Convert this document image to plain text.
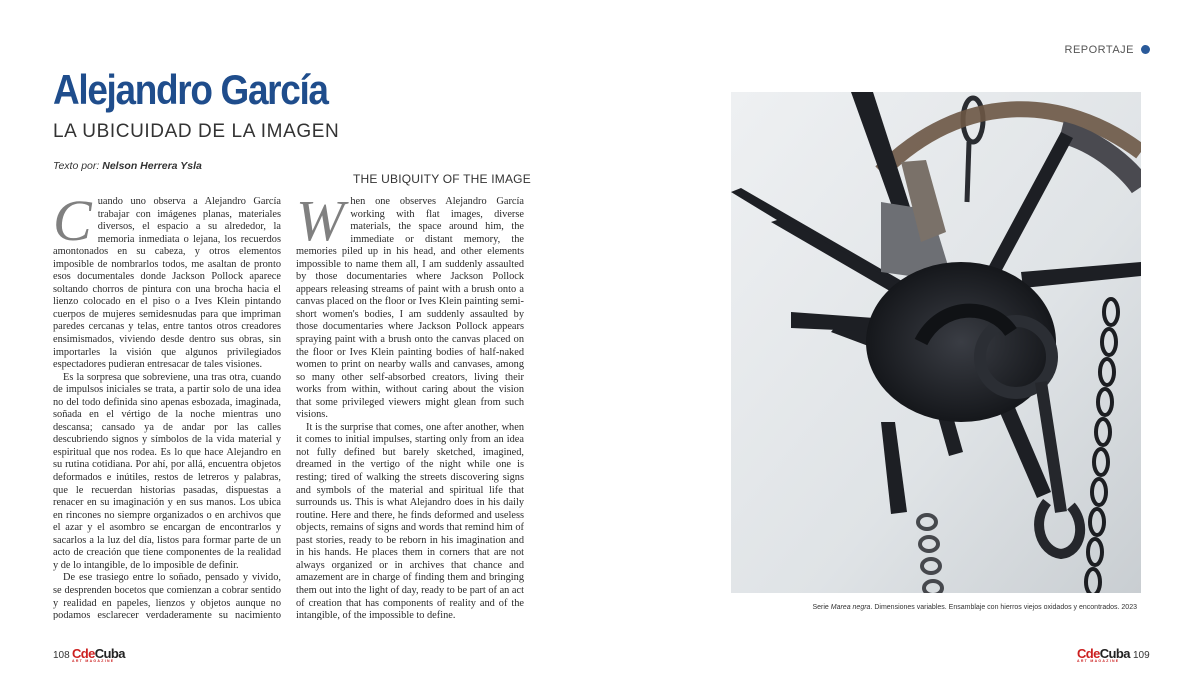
REPORTAJE
Alejandro García
LA UBICUIDAD DE LA IMAGEN
Texto por: Nelson Herrera Ysla
THE UBIQUITY OF THE IMAGE

Cuando uno observa a Alejandro García trabajar con imágenes planas, materiales diversos, el espacio a su alrededor, la memoria inmediata o lejana, los recuerdos amontonados en su cabeza, y otros elementos imposible de nombrarlos todos, me asaltan de pronto esos documentales donde Jackson Pollock aparece soltando chorros de pintura con una brocha hacia el lienzo colocado en el piso o a Ives Klein pintando cuerpos de mujeres semidesnudas para que impriman paredes cercanas y telas, entre tantos otros creadores ensimismados, viviendo desde dentro sus obras, sin importarles la visión que algunos privilegiados espectadores pudieran entresacar de tales visiones.

Es la sorpresa que sobreviene, una tras otra, cuando de impulsos iniciales se trata, a partir solo de una idea no del todo definida sino apenas esbozada, imaginada, soñada en el vértigo de la noche mientras uno descansa; cansado ya de andar por las calles descubriendo signos y símbolos de la vida material y espiritual que nos rodea. Es lo que hace Alejandro en su rutina cotidiana. Por ahí, por allá, encuentra objetos deformados e inútiles, restos de letreros y palabras, que le recuerdan historias pasadas, dispuestas a renacer en su imaginación y en sus manos. Los ubica en rincones no siempre organizados o en archivos que el azar y el asombro se encargan de encontrarlos y sacarlos a la luz del día, listos para formar parte de un acto de creación que tiene componentes de la realidad y de lo intangible, de lo imposible de definir.

De ese trasiego entre lo soñado, pensado y vivido, se desprenden bocetos que comienzan a cobrar sentido y realidad en papeles, lienzos y objetos aunque no podamos esclarecer verdaderamente su nacimiento

When one observes Alejandro García working with flat images, diverse materials, the space around him, the immediate or distant memory, the memories piled up in his head, and other elements impossible to name them all, I am suddenly assaulted by those documentaries where Jackson Pollock appears releasing streams of paint with a brush onto a canvas placed on the floor or Ives Klein painting semi-short women's bodies, I am suddenly assaulted by those documentaries where Jackson Pollock appears spraying paint with a brush onto the canvas placed on the floor or Ives Klein painting bodies of half-naked women to print on nearby walls and canvases, among so many other self-absorbed creators, living their works from within, without caring about the vision that some privileged viewers might glean from such visions.

It is the surprise that comes, one after another, when it comes to initial impulses, starting only from an idea not fully defined but barely sketched, imagined, dreamed in the vertigo of the night while one is resting; tired of walking the streets discovering signs and symbols of the material and spiritual life that surrounds us. This is what Alejandro does in his daily routine. Here and there, he finds deformed and useless objects, remains of signs and words that remind him of past stories, ready to be reborn in his imagination and in his hands. He places them in corners that are not always organized or in archives that chance and amazement are in charge of finding them and bringing them out into the light of day, ready to be part of an act of creation that has components of reality and of the intangible, of the impossible to define.

Serie Marea negra. Dimensiones variables. Ensamblaje con hierros viejos oxidados y encontrados. 2023
108 CdeCuba
ART MAGAZINE	CdeCuba
ART MAGAZINE 109
